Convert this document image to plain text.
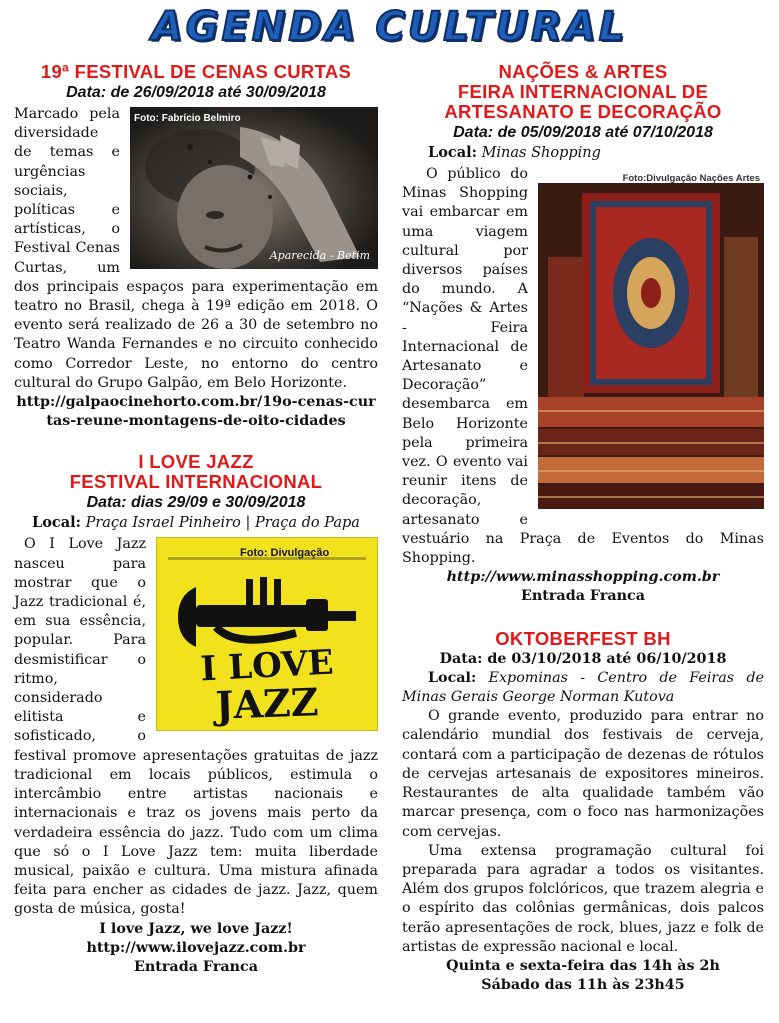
AGENDA CULTURAL
19ª FESTIVAL DE CENAS CURTAS
Data: de 26/09/2018 até 30/09/2018
Foto: Fabrício Belmiro
Aparecida - Betim

Marcado pela diversidade de temas e urgências sociais, políticas e artísticas, o Festival Cenas Curtas, um dos principais espaços para experimentação em teatro no Brasil, chega à 19ª edição em 2018. O evento será realizado de 26 a 30 de setembro no Teatro Wanda Fernandes e no circuito conhecido como Corredor Leste, no entorno do centro cultural do Grupo Galpão, em Belo Horizonte.

http://galpaocinehorto.com.br/19o-cenas-curtas-reune-montagens-de-oito-cidades
I LOVE JAZZ
FESTIVAL INTERNACIONAL
Data: dias 29/09 e 30/09/2018
Local: Praça Israel Pinheiro | Praça do Papa
Foto: Divulgação
I LOVE
JAZZ

O I Love Jazz nasceu para mostrar que o Jazz tradicional é, em sua essência, popular. Para desmistificar o ritmo, considerado elitista e sofisticado, o festival promove apresentações gratuitas de jazz tradicional em locais públicos, estimula o intercâmbio entre artistas nacionais e internacionais e traz os jovens mais perto da verdadeira essência do jazz. Tudo com um clima que só o I Love Jazz tem: muita liberdade musical, paixão e cultura. Uma mistura afinada feita para encher as cidades de jazz. Jazz, quem gosta de música, gosta!

I love Jazz, we love Jazz!
http://www.ilovejazz.com.br
Entrada Franca
NAÇÕES & ARTES
FEIRA INTERNACIONAL DE
ARTESANATO E DECORAÇÃO
Data: de 05/09/2018 até 07/10/2018
Local: Minas Shopping
Foto:Divulgação Nações Artes

O público do Minas Shopping vai embarcar em uma viagem cultural por diversos países do mundo. A “Nações & Artes - Feira Internacional de Artesanato e Decoração” desembarca em Belo Horizonte pela primeira vez. O evento vai reunir itens de decoração, artesanato e vestuário na Praça de Eventos do Minas Shopping.

http://www.minasshopping.com.br
Entrada Franca
OKTOBERFEST BH
Data: de 03/10/2018 até 06/10/2018

Local: Expominas - Centro de Feiras de Minas Gerais George Norman Kutova

O grande evento, produzido para entrar no calendário mundial dos festivais de cerveja, contará com a participação de dezenas de rótulos de cervejas artesanais de expositores mineiros. Restaurantes de alta qualidade também vão marcar presença, com o foco nas harmonizações com cervejas.

Uma extensa programação cultural foi preparada para agradar a todos os visitantes. Além dos grupos folclóricos, que trazem alegria e o espírito das colônias germânicas, dois palcos terão apresentações de rock, blues, jazz e folk de artistas de expressão nacional e local.

Quinta e sexta-feira das 14h às 2h
Sábado das 11h às 23h45
